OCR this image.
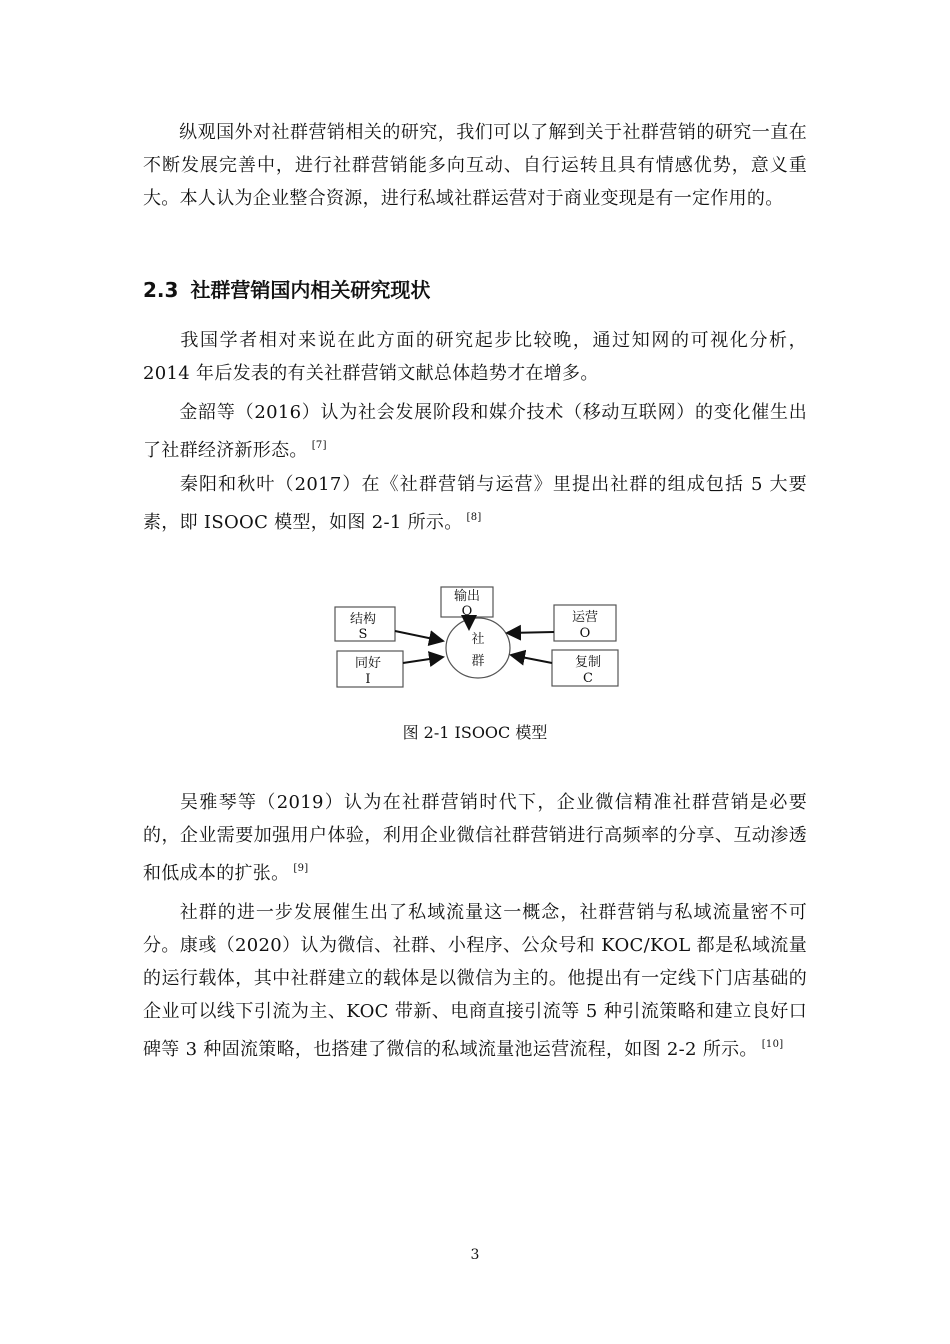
纵观国外对社群营销相关的研究，我们可以了解到关于社群营销的研究一直在不断发展完善中，进行社群营销能多向互动、自行运转且具有情感优势，意义重大。本人认为企业整合资源，进行私域社群运营对于商业变现是有一定作用的。
2.3 社群营销国内相关研究现状
我国学者相对来说在此方面的研究起步比较晚，通过知网的可视化分析，2014 年后发表的有关社群营销文献总体趋势才在增多。
金韶等（2016）认为社会发展阶段和媒介技术（移动互联网）的变化催生出了社群经济新形态。 [7]
秦阳和秋叶（2017）在《社群营销与运营》里提出社群的组成包括 5 大要素，即 ISOOC 模型，如图 2-1 所示。 [8]
社
群
输出
O
结构
S
运营
O
同好
I
复制
C
图 2-1 ISOOC 模型
吴雅琴等（2019）认为在社群营销时代下，企业微信精准社群营销是必要的，企业需要加强用户体验，利用企业微信社群营销进行高频率的分享、互动渗透和低成本的扩张。 [9]
社群的进一步发展催生出了私域流量这一概念，社群营销与私域流量密不可分。康彧（2020）认为微信、社群、小程序、公众号和 KOC/KOL 都是私域流量的运行载体，其中社群建立的载体是以微信为主的。他提出有一定线下门店基础的企业可以线下引流为主、KOC 带新、电商直接引流等 5 种引流策略和建立良好口碑等 3 种固流策略，也搭建了微信的私域流量池运营流程，如图 2-2 所示。 [10]
3
